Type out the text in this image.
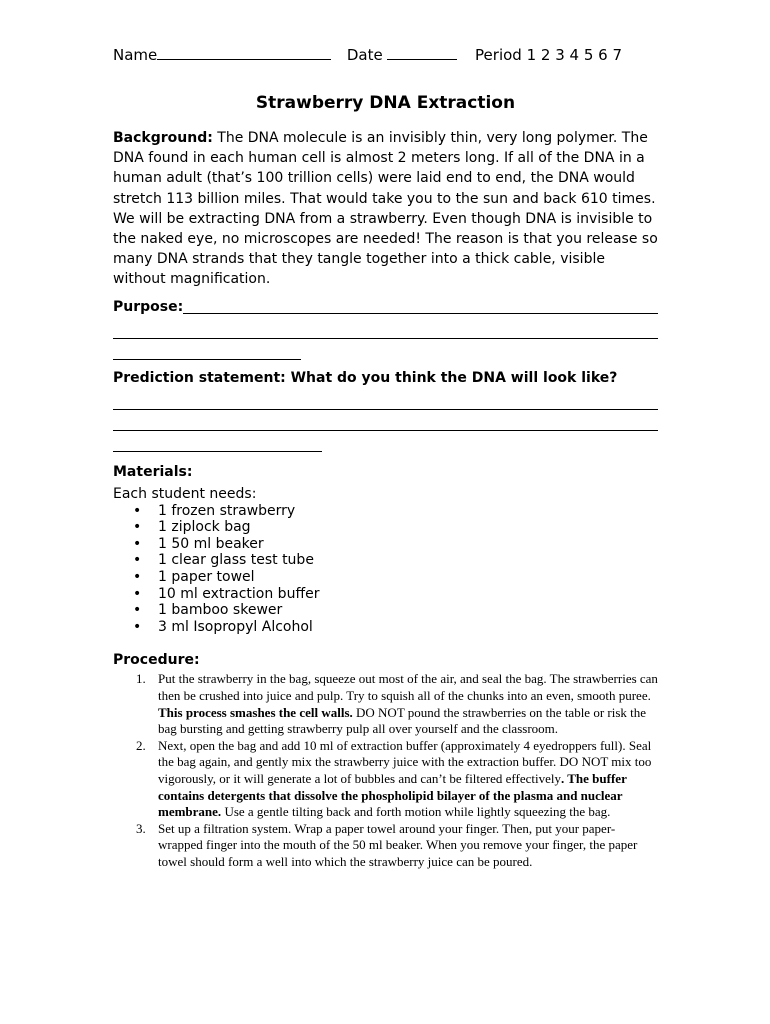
Name	Date	Period 1 2 3 4 5 6 7
Strawberry DNA Extraction
Background: The DNA molecule is an invisibly thin, very long polymer. The DNA found in each human cell is almost 2 meters long. If all of the DNA in a human adult (that’s 100 trillion cells) were laid end to end, the DNA would stretch 113 billion miles. That would take you to the sun and back 610 times. We will be extracting DNA from a strawberry. Even though DNA is invisible to the naked eye, no microscopes are needed! The reason is that you release so many DNA strands that they tangle together into a thick cable, visible without magnification.
Purpose:
Prediction statement: What do you think the DNA will look like?
Materials:
Each student needs:
• 1 frozen strawberry
• 1 ziplock bag
• 1 50 ml beaker
• 1 clear glass test tube
• 1 paper towel
• 10 ml extraction buffer
• 1 bamboo skewer
• 3 ml Isopropyl Alcohol
Procedure:
1. Put the strawberry in the bag, squeeze out most of the air, and seal the bag. The strawberries can then be crushed into juice and pulp. Try to squish all of the chunks into an even, smooth puree. This process smashes the cell walls. DO NOT pound the strawberries on the table or risk the bag bursting and getting strawberry pulp all over yourself and the classroom.
2. Next, open the bag and add 10 ml of extraction buffer (approximately 4 eyedroppers full). Seal the bag again, and gently mix the strawberry juice with the extraction buffer. DO NOT mix too vigorously, or it will generate a lot of bubbles and can’t be filtered effectively. The buffer contains detergents that dissolve the phospholipid bilayer of the plasma and nuclear membrane. Use a gentle tilting back and forth motion while lightly squeezing the bag.
3. Set up a filtration system. Wrap a paper towel around your finger. Then, put your paper-wrapped finger into the mouth of the 50 ml beaker. When you remove your finger, the paper towel should form a well into which the strawberry juice can be poured.
